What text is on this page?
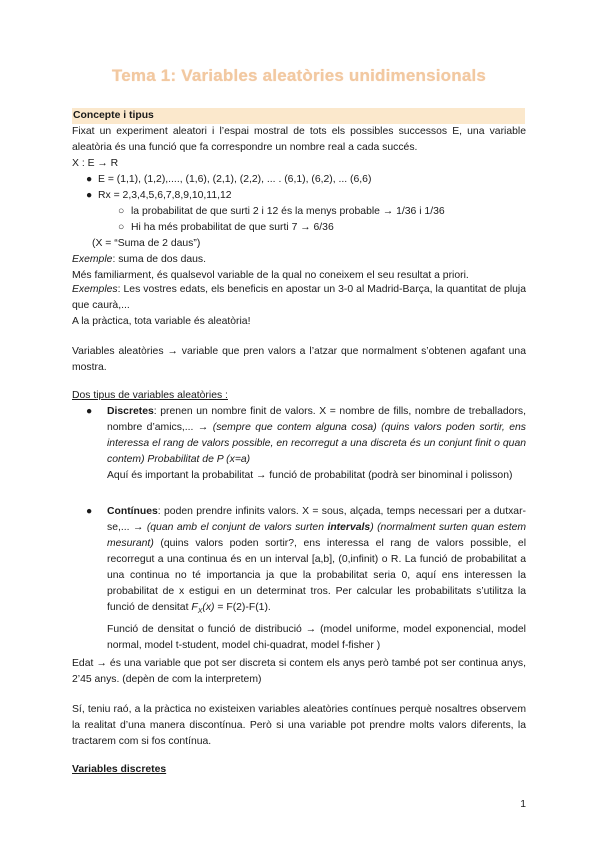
Tema 1: Variables aleatòries unidimensionals
Concepte i tipus
Fixat un experiment aleatori i l’espai mostral de tots els possibles successos E, una variable aleatòria és una funció que fa correspondre un nombre real a cada succés.
X : E → R
● E = (1,1), (1,2),...., (1,6), (2,1), (2,2), ... . (6,1), (6,2), ... (6,6)
● Rx = 2,3,4,5,6,7,8,9,10,11,12
○ la probabilitat de que surti 2 i 12 és la menys probable → 1/36 i 1/36
○ Hi ha més probabilitat de que surti 7 → 6/36
(X = “Suma de 2 daus”)
Exemple: suma de dos daus.
Més familiarment, és qualsevol variable de la qual no coneixem el seu resultat a priori.
Exemples: Les vostres edats, els beneficis en apostar un 3-0 al Madrid-Barça, la quantitat de pluja que caurà,...
A la pràctica, tota variable és aleatòria!
Variables aleatòries → variable que pren valors a l’atzar que normalment s’obtenen agafant una mostra.
Dos tipus de variables aleatòries :
● Discretes: prenen un nombre finit de valors. X = nombre de fills, nombre de treballadors, nombre d’amics,... → (sempre que contem alguna cosa) (quins valors poden sortir, ens interessa el rang de valors possible, en recorregut a una discreta és un conjunt finit o quan contem) Probabilitat de P (x=a)
Aquí és important la probabilitat → funció de probabilitat (podrà ser binominal i polisson)
● Contínues: poden prendre infinits valors. X = sous, alçada, temps necessari per a dutxar-se,... → (quan amb el conjunt de valors surten intervals) (normalment surten quan estem mesurant) (quins valors poden sortir?, ens interessa el rang de valors possible, el recorregut a una continua és en un interval [a,b], (0,infinit) o R. La funció de probabilitat a una continua no té importancia ja que la probabilitat seria 0, aquí ens interessen la probabilitat de x estigui en un determinat tros. Per calcular les probabilitats s’utilitza la funció de densitat $F_X(x) = F(2)-F(1)$.
Funció de densitat o funció de distribució → (model uniforme, model exponencial, model normal, model t-student, model chi-quadrat, model f-fisher )
Edat → és una variable que pot ser discreta si contem els anys però també pot ser continua anys, 2’45 anys. (depèn de com la interpretem)
Sí, teniu raó, a la pràctica no existeixen variables aleatòries contínues perquè nosaltres observem la realitat d’una manera discontínua. Però si una variable pot prendre molts valors diferents, la tractarem com si fos contínua.
Variables discretes
1
